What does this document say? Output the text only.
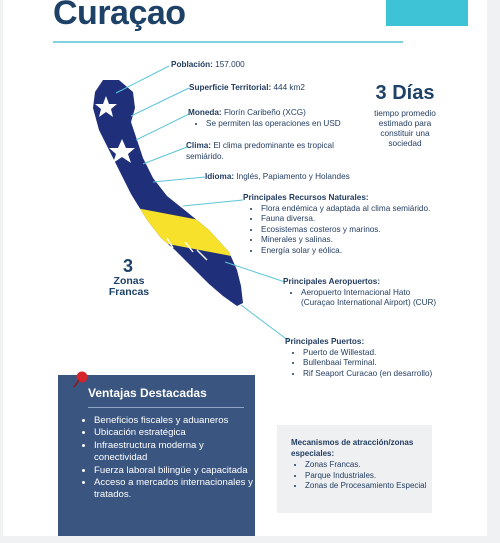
Curaçao
Población: 157.000
Superficie Territorial: 444 km2
Moneda: Florín Caribeño (XCG)
• Se permiten las operaciones en USD
Clima: El clima predominante es tropical semiárido.
Idioma: Inglés, Papiamento y Holandes
3 Días
tiempo promedio estimado para constituir una sociedad
3
Zonas Francas
Principales Recursos Naturales:
• Flora endémica y adaptada al clima semiárido.
• Fauna diversa.
• Ecosistemas costeros y marinos.
• Minerales y salinas.
• Energía solar y eólica.
Principales Aeropuertos:
• Aeropuerto Internacional Hato (Curaçao International Airport) (CUR)
Principales Puertos:
• Puerto de Willestad.
• Bullenbaai Terminal.
• Rif Seaport Curacao (en desarrollo)
Ventajas Destacadas
• Beneficios fiscales y aduaneros
• Ubicación estratégica
• Infraestructura moderna y conectividad
• Fuerza laboral bilingüe y capacitada
• Acceso a mercados internacionales y tratados.
Mecanismos de atracción/zonas especiales:
• Zonas Francas.
• Parque Industriales.
• Zonas de Procesamiento Especial
